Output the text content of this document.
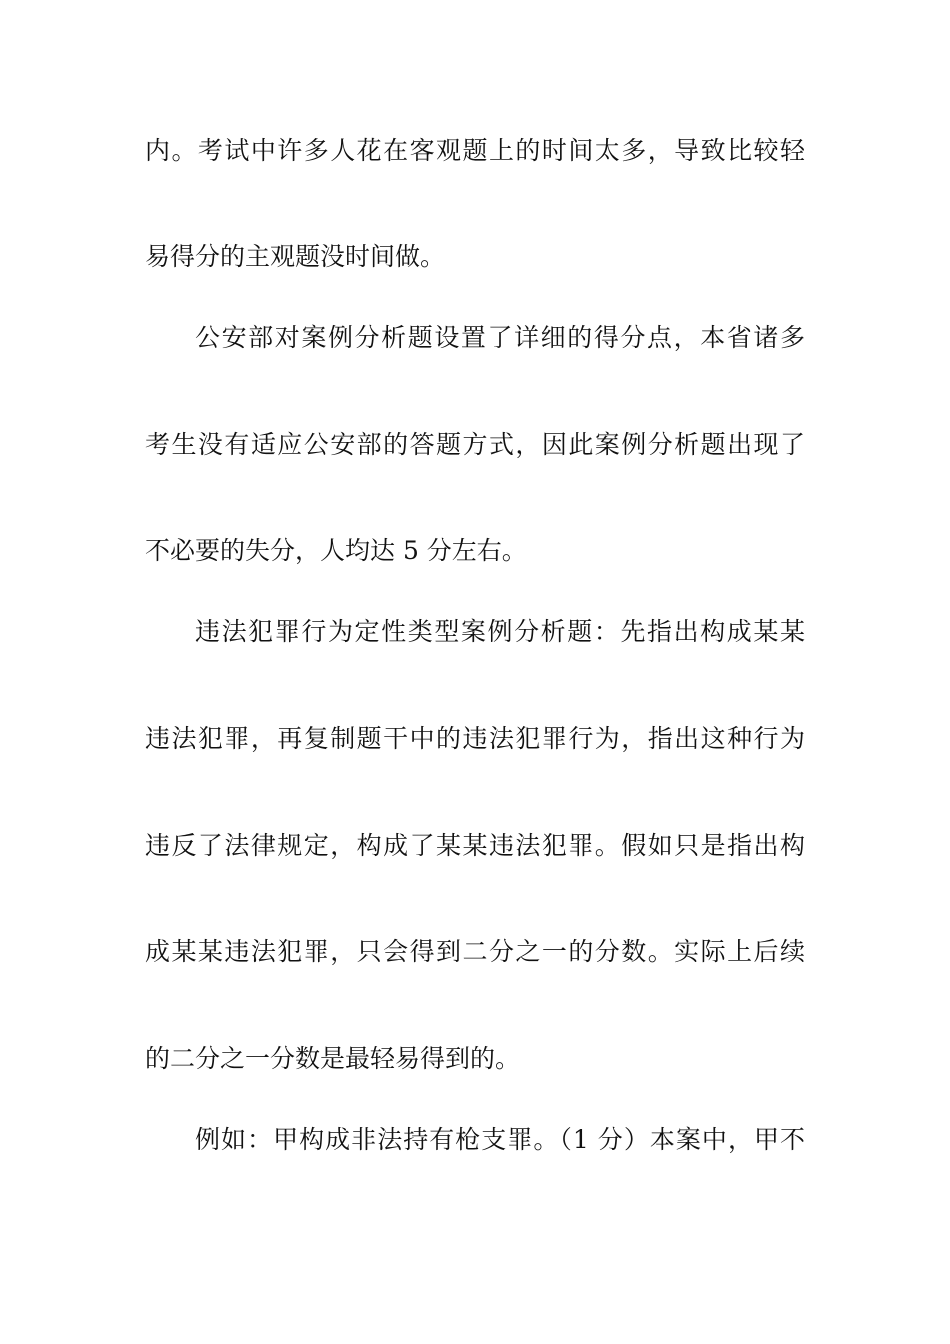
内。考试中许多人花在客观题上的时间太多，导致比较轻
易得分的主观题没时间做。
公安部对案例分析题设置了详细的得分点，本省诸多
考生没有适应公安部的答题方式，因此案例分析题出现了
不必要的失分，人均达 5 分左右。
违法犯罪行为定性类型案例分析题：先指出构成某某
违法犯罪，再复制题干中的违法犯罪行为，指出这种行为
违反了法律规定，构成了某某违法犯罪。假如只是指出构
成某某违法犯罪，只会得到二分之一的分数。实际上后续
的二分之一分数是最轻易得到的。
例如：甲构成非法持有枪支罪。（1 分）本案中，甲不
